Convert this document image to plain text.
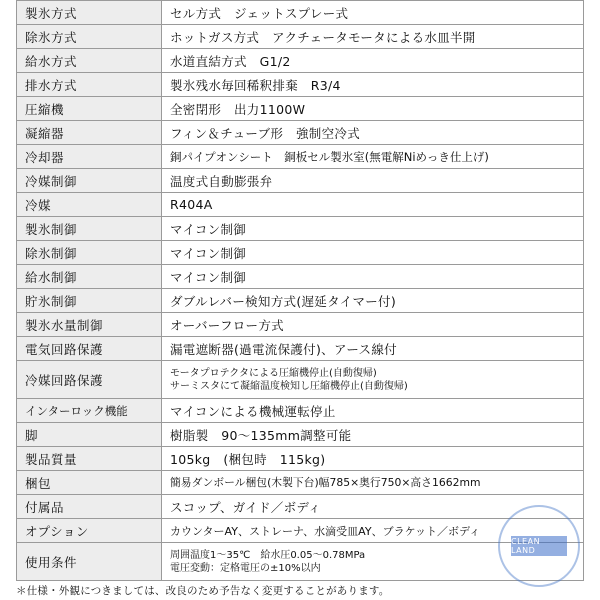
製氷方式	セル方式　ジェットスプレー式
除氷方式	ホットガス方式　アクチェータモータによる水皿半開
給水方式	水道直結方式　G1/2
排水方式	製氷残水毎回稀釈排棄　R3/4
圧縮機	全密閉形　出力1100W
凝縮器	フィン＆チューブ形　強制空冷式
冷却器	銅パイプオンシート　銅板セル製氷室(無電解Niめっき仕上げ)
冷媒制御	温度式自動膨張弁
冷媒	R404A
製氷制御	マイコン制御
除氷制御	マイコン制御
給水制御	マイコン制御
貯氷制御	ダブルレバー検知方式(遅延タイマー付)
製氷水量制御	オーバーフロー方式
電気回路保護	漏電遮断器(過電流保護付)、アース線付
冷媒回路保護	モータプロテクタによる圧縮機停止(自動復帰)
サーミスタにて凝縮温度検知し圧縮機停止(自動復帰)

インターロック機能	マイコンによる機械運転停止
脚	樹脂製　90～135mm調整可能
製品質量	105kg　(梱包時　115kg)
梱包	簡易ダンボール梱包(木製下台)幅785×奥行750×高さ1662mm
付属品	スコップ、ガイド／ボディ
オプション	カウンターAY、ストレーナ、水滴受皿AY、ブラケット／ボディ
使用条件	周囲温度1～35℃　給水圧0.05～0.78MPa
電圧変動：定格電圧の±10%以内
CLEAN LAND
＊仕様・外観につきましては、改良のため予告なく変更することがあります。
